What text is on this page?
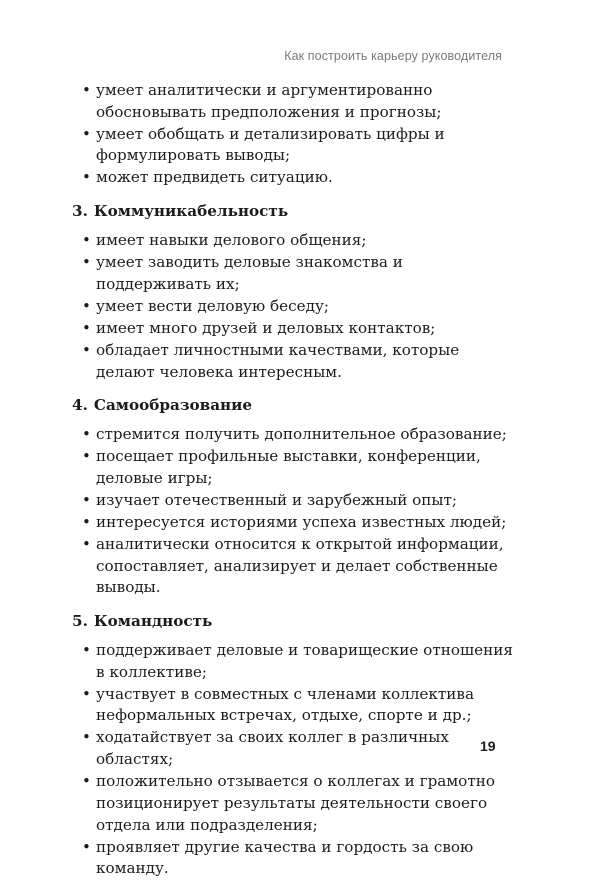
Как построить карьеру руководителя
• умеет аналитически и аргументированно обосновывать предположения и прогнозы;
• умеет обобщать и детализировать цифры и формулировать выводы;
• может предвидеть ситуацию.
3. Коммуникабельность
• имеет навыки делового общения;
• умеет заводить деловые знакомства и поддерживать их;
• умеет вести деловую беседу;
• имеет много друзей и деловых контактов;
• обладает личностными качествами, которые делают человека интересным.
4. Самообразование
• стремится получить дополнительное образование;
• посещает профильные выставки, конференции, деловые игры;
• изучает отечественный и зарубежный опыт;
• интересуется историями успеха известных людей;
• аналитически относится к открытой информации, сопоставляет, анализирует и делает собственные выводы.
5. Командность
• поддерживает деловые и товарищеские отношения в коллективе;
• участвует в совместных с членами коллектива неформальных встречах, отдыхе, спорте и др.;
• ходатайствует за своих коллег в различных областях;
• положительно отзывается о коллегах и грамотно позиционирует результаты деятельности своего отдела или подразделения;
• проявляет другие качества и гордость за свою команду.
19
